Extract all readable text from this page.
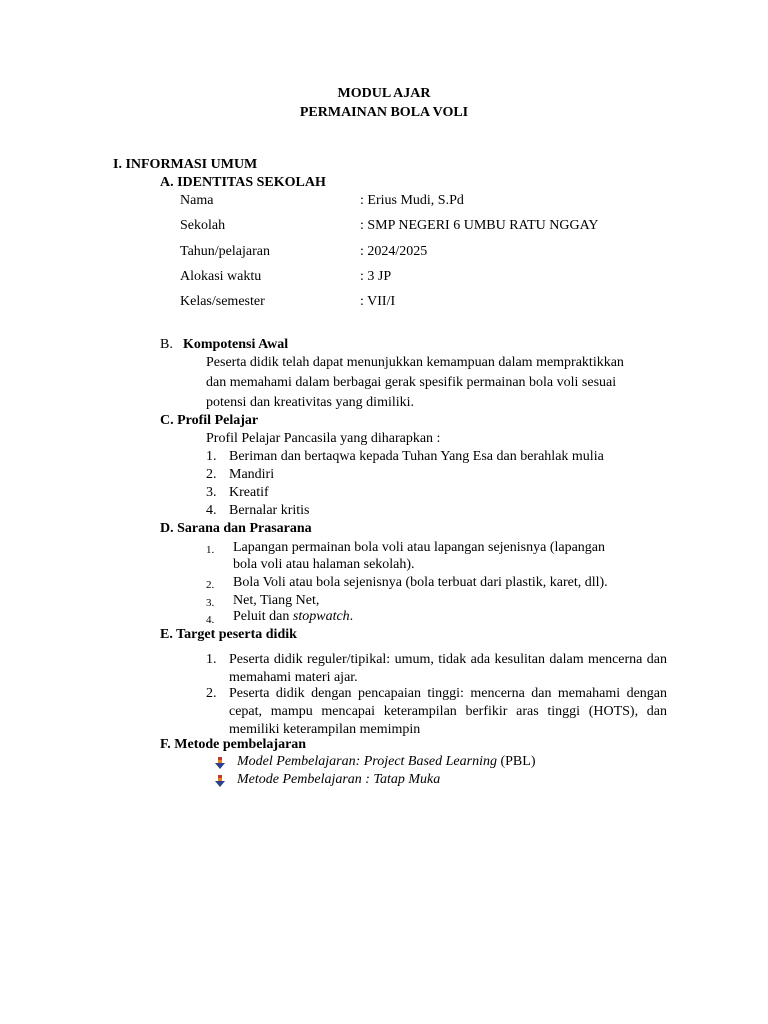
MODUL AJAR
PERMAINAN BOLA VOLI
I. INFORMASI UMUM
A. IDENTITAS SEKOLAH
Nama	: Erius Mudi, S.Pd
Sekolah	: SMP NEGERI 6 UMBU RATU NGGAY
Tahun/pelajaran	: 2024/2025
Alokasi waktu	: 3 JP
Kelas/semester	: VII/I
B. Kompotensi Awal
Peserta didik telah dapat menunjukkan kemampuan dalam mempraktikkan
dan memahami dalam berbagai gerak spesifik permainan bola voli sesuai
potensi dan kreativitas yang dimiliki.
C. Profil Pelajar
Profil Pelajar Pancasila yang diharapkan :
1. Beriman dan bertaqwa kepada Tuhan Yang Esa dan berahlak mulia
2. Mandiri
3. Kreatif
4. Bernalar kritis
D. Sarana dan Prasarana
1. Lapangan permainan bola voli atau lapangan sejenisnya (lapangan
bola voli atau halaman sekolah).
2. Bola Voli atau bola sejenisnya (bola terbuat dari plastik, karet, dll).
3. Net, Tiang Net,
4. Peluit dan stopwatch.
E. Target peserta didik
1. Peserta didik reguler/tipikal: umum, tidak ada kesulitan dalam mencerna dan memahami materi ajar.
2. Peserta didik dengan pencapaian tinggi: mencerna dan memahami dengan cepat, mampu mencapai keterampilan berfikir aras tinggi (HOTS), dan memiliki keterampilan memimpin
F. Metode pembelajaran
Model Pembelajaran: Project Based Learning (PBL)
Metode Pembelajaran : Tatap Muka
